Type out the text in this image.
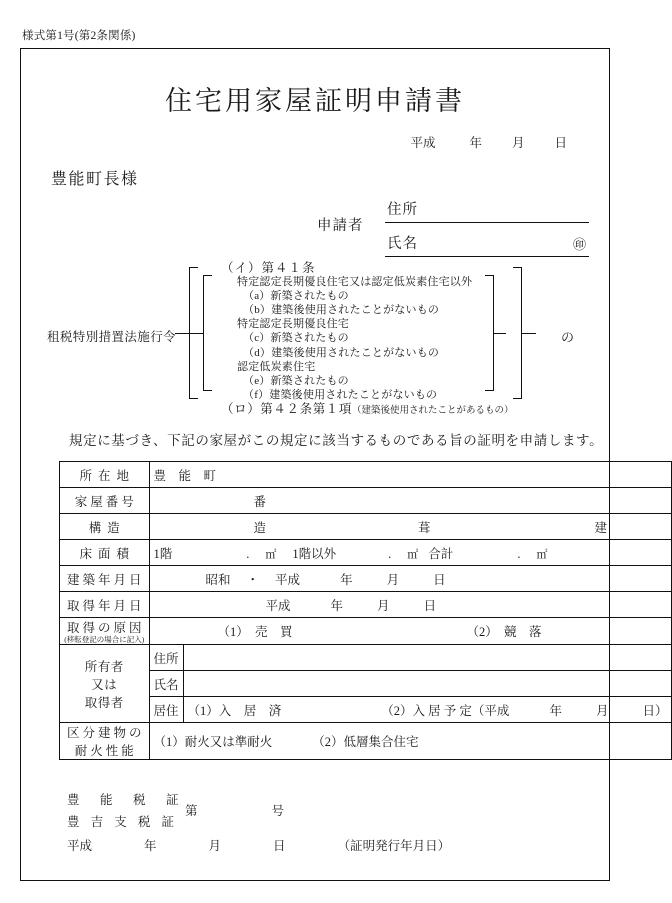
様式第1号(第2条関係)
住宅用家屋証明申請書
平成	年 月 日
豊能町長様
申請者
住所
氏名	㊞
租税特別措置法施行令	の
（イ）第４１条
特定認定長期優良住宅又は認定低炭素住宅以外
（a）新築されたもの
（b）建築後使用されたことがないもの
特定認定長期優良住宅
（c）新築されたもの
（d）建築後使用されたことがないもの
認定低炭素住宅
（e）新築されたもの
（f）建築後使用されたことがないもの
（ロ）第４２条第１項（建築後使用されたことがあるもの）
規定に基づき、下記の家屋がこの規定に該当するものである旨の証明を申請します。
所在地	豊　能　町	

家屋番号	番	

構造	造 葺 建	

床面積	1階 . ㎡ 1階以外 . ㎡ 合計 . ㎡	

建築年月日	昭和 ・ 平成 年 月 日	

取得年月日	平成 年 月 日	

取得の原因
(移転登記の場合に記入)	（1）　売　買 （2）　競　落	
所有者
又は
取得者	住所	
	氏名	
	居住	（1）入　居　済 （2）入 居 予 定（平成 年 月 日）

区分建物の
耐火性能	（1）耐火又は準耐火 （2）低層集合住宅	
豊　能　税　証
第	号
豊 吉 支 税 証
平成	年	月	日	（証明発行年月日）
